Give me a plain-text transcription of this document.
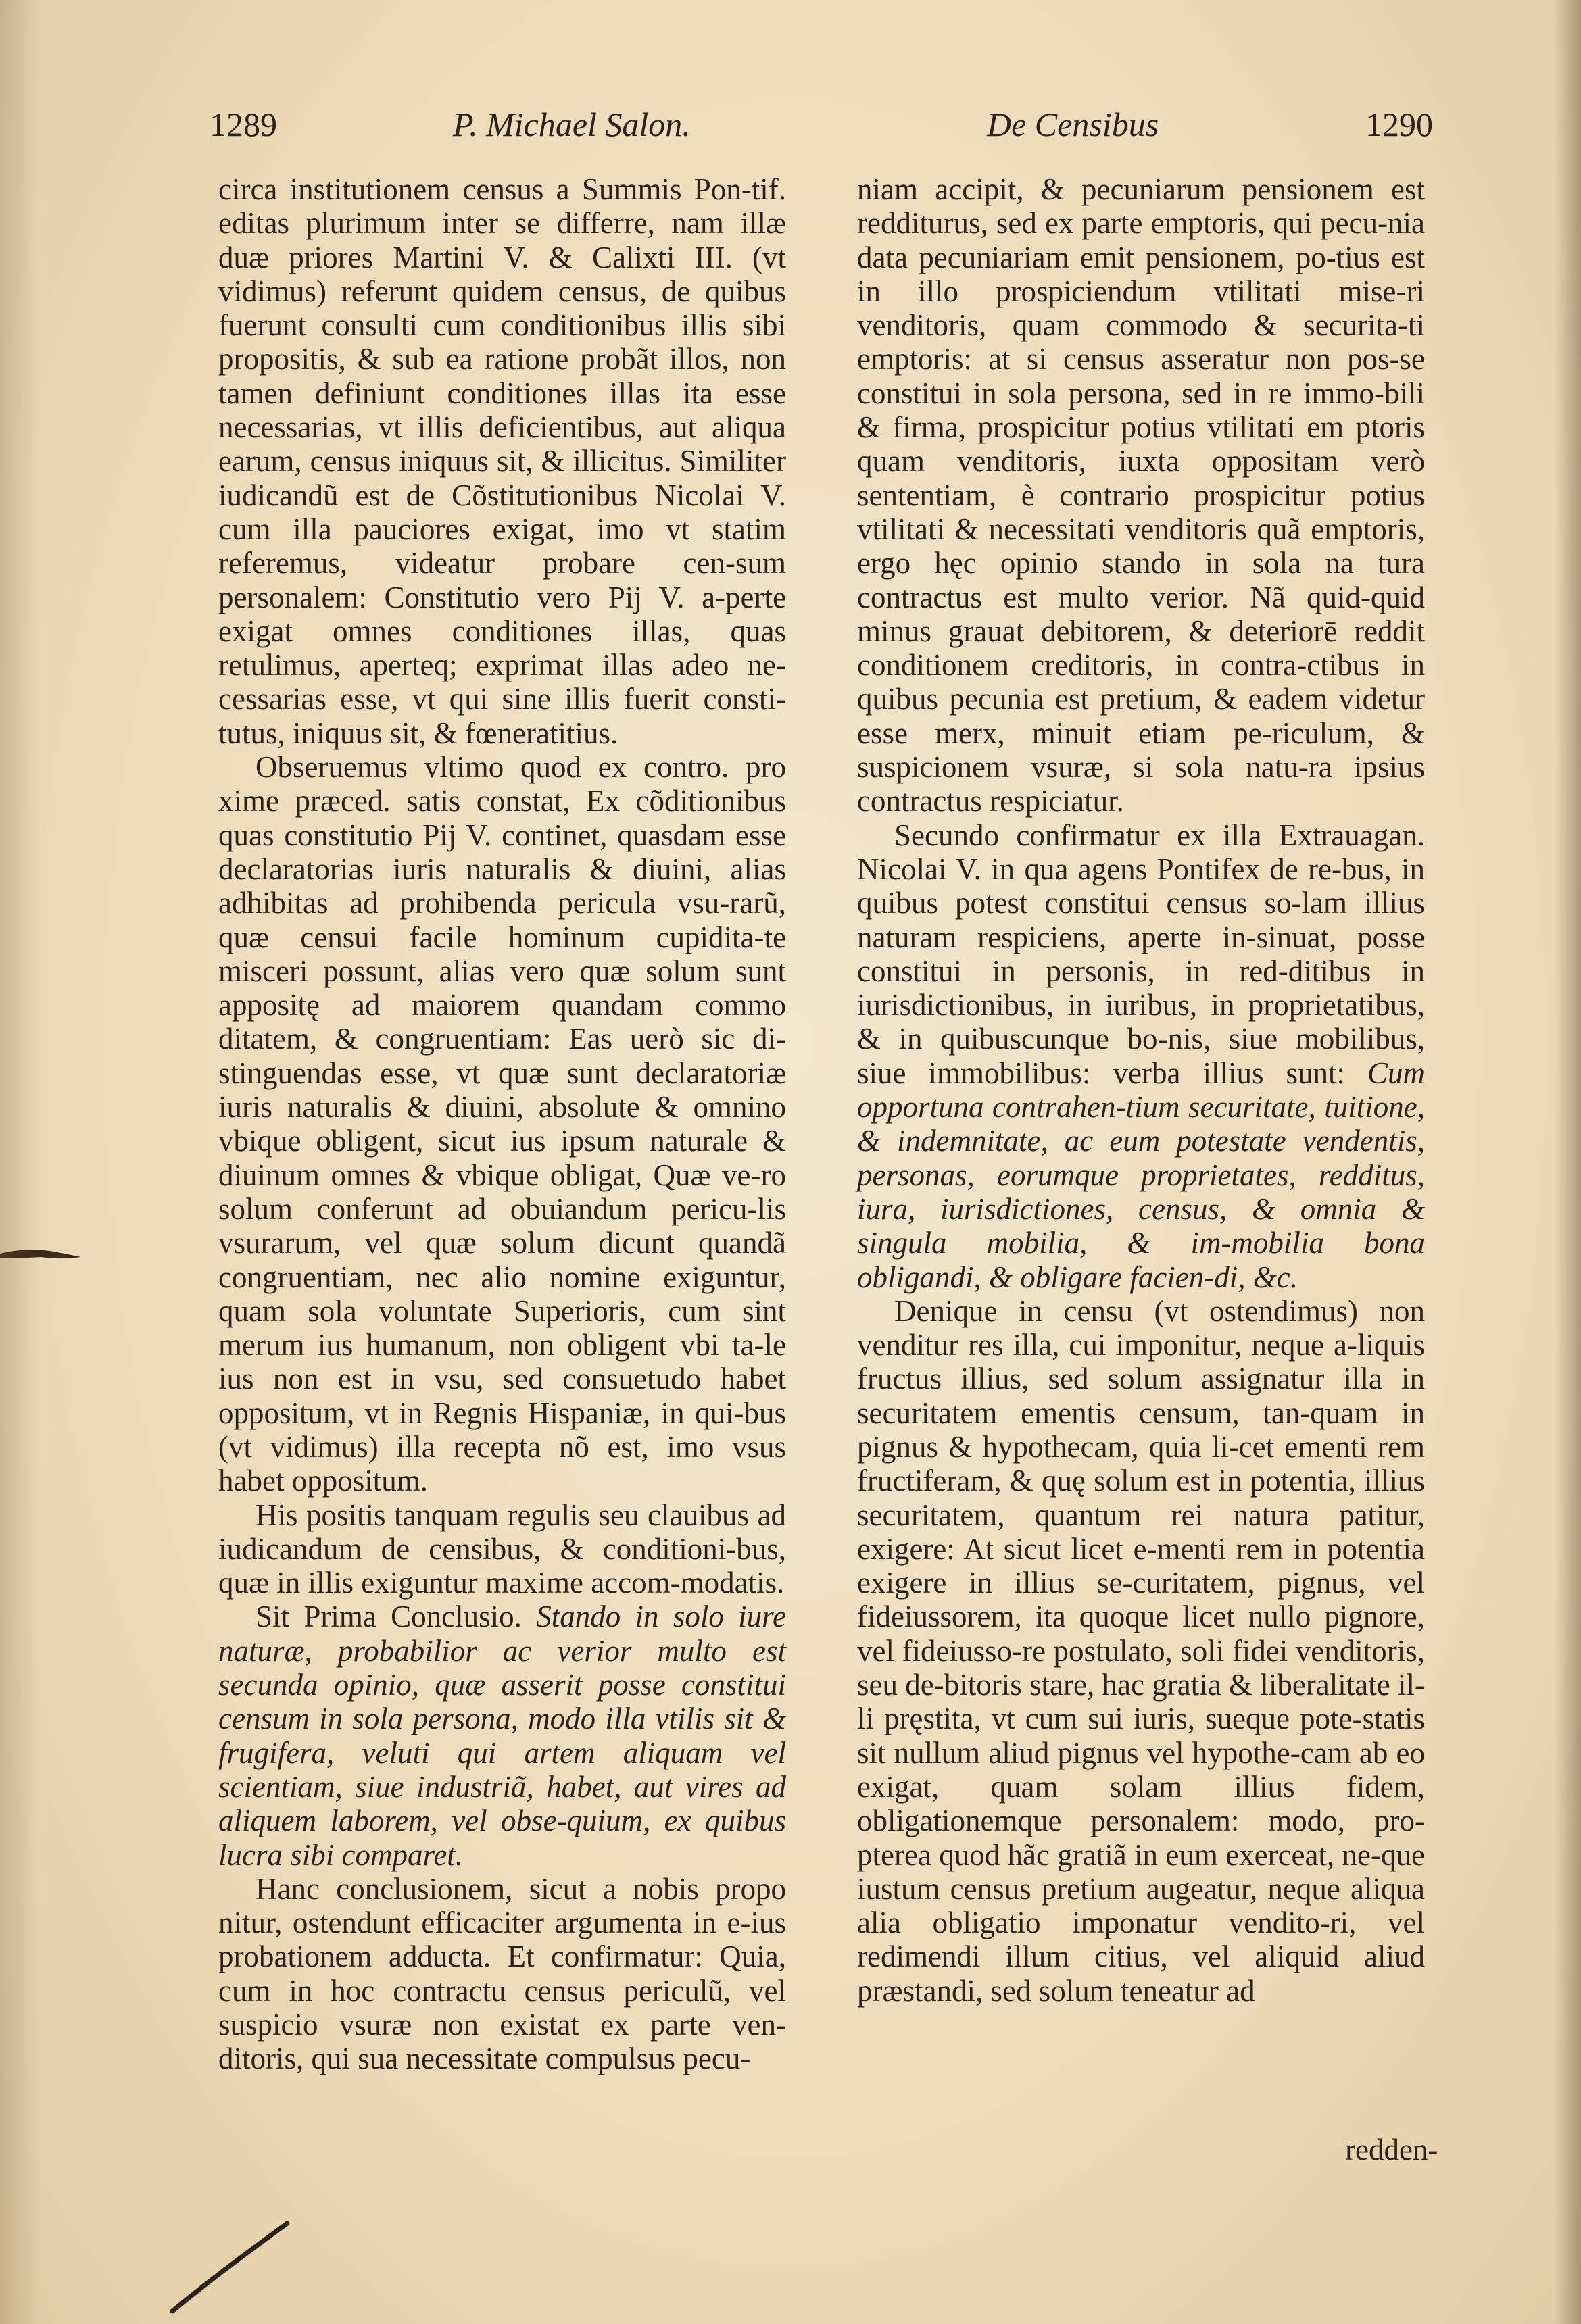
1289	P. Michael Salon.	De Censibus	1290

circa institutionem census a Summis Pon-tif. editas plurimum inter se differre, nam illæ duæ priores Martini V. & Calixti III. (vt vidimus) referunt quidem census, de quibus fuerunt consulti cum conditionibus illis sibi propositis, & sub ea ratione probãt illos, non tamen definiunt conditiones illas ita esse necessarias, vt illis deficientibus, aut aliqua earum, census iniquus sit, & illicitus. Similiter iudicandũ est de Cõstitutionibus Nicolai V. cum illa pauciores exigat, imo vt statim referemus, videatur probare cen-sum personalem: Constitutio vero Pij V. a-perte exigat omnes conditiones illas, quas retulimus, aperteq; exprimat illas adeo ne-cessarias esse, vt qui sine illis fuerit consti-tutus, iniquus sit, & fœneratitius.

Obseruemus vltimo quod ex contro. pro xime præced. satis constat, Ex cõditionibus quas constitutio Pij V. continet, quasdam esse declaratorias iuris naturalis & diuini, alias adhibitas ad prohibenda pericula vsu-rarũ, quæ censui facile hominum cupidita-te misceri possunt, alias vero quæ solum sunt appositę ad maiorem quandam commo ditatem, & congruentiam: Eas uerò sic di-stinguendas esse, vt quæ sunt declaratoriæ iuris naturalis & diuini, absolute & omnino vbique obligent, sicut ius ipsum naturale & diuinum omnes & vbique obligat, Quæ ve-ro solum conferunt ad obuiandum pericu-lis vsurarum, vel quæ solum dicunt quandã congruentiam, nec alio nomine exiguntur, quam sola voluntate Superioris, cum sint merum ius humanum, non obligent vbi ta-le ius non est in vsu, sed consuetudo habet oppositum, vt in Regnis Hispaniæ, in qui-bus (vt vidimus) illa recepta nõ est, imo vsus habet oppositum.

His positis tanquam regulis seu clauibus ad iudicandum de censibus, & conditioni-bus, quæ in illis exiguntur maxime accom-modatis.

Sit Prima Conclusio. Stando in solo iure naturæ, probabilior ac verior multo est secunda opinio, quæ asserit posse constitui censum in sola persona, modo illa vtilis sit & frugifera, veluti qui artem aliquam vel scientiam, siue industriã, habet, aut vires ad aliquem laborem, vel obse-quium, ex quibus lucra sibi comparet.

Hanc conclusionem, sicut a nobis propo nitur, ostendunt efficaciter argumenta in e-ius probationem adducta. Et confirmatur: Quia, cum in hoc contractu census periculũ, vel suspicio vsuræ non existat ex parte ven-ditoris, qui sua necessitate compulsus pecu-

niam accipit, & pecuniarum pensionem est redditurus, sed ex parte emptoris, qui pecu-nia data pecuniariam emit pensionem, po-tius est in illo prospiciendum vtilitati mise-ri venditoris, quam commodo & securita-ti emptoris: at si census asseratur non pos-se constitui in sola persona, sed in re immo-bili & firma, prospicitur potius vtilitati em ptoris quam venditoris, iuxta oppositam verò sententiam, è contrario prospicitur potius vtilitati & necessitati venditoris quã emptoris, ergo hęc opinio stando in sola na tura contractus est multo verior. Nã quid-quid minus grauat debitorem, & deteriorē reddit conditionem creditoris, in contra-ctibus in quibus pecunia est pretium, & eadem videtur esse merx, minuit etiam pe-riculum, & suspicionem vsuræ, si sola natu-ra ipsius contractus respiciatur.

Secundo confirmatur ex illa Extrauagan. Nicolai V. in qua agens Pontifex de re-bus, in quibus potest constitui census so-lam illius naturam respiciens, aperte in-sinuat, posse constitui in personis, in red-ditibus in iurisdictionibus, in iuribus, in proprietatibus, & in quibuscunque bo-nis, siue mobilibus, siue immobilibus: verba illius sunt: Cum opportuna contrahen-tium securitate, tuitione, & indemnitate, ac eum potestate vendentis, personas, eorumque proprietates, redditus, iura, iurisdictiones, census, & omnia & singula mobilia, & im-mobilia bona obligandi, & obligare facien-di, &c.

Denique in censu (vt ostendimus) non venditur res illa, cui imponitur, neque a-liquis fructus illius, sed solum assignatur illa in securitatem ementis censum, tan-quam in pignus & hypothecam, quia li-cet ementi rem fructiferam, & quę solum est in potentia, illius securitatem, quantum rei natura patitur, exigere: At sicut licet e-menti rem in potentia exigere in illius se-curitatem, pignus, vel fideiussorem, ita quoque licet nullo pignore, vel fideiusso-re postulato, soli fidei venditoris, seu de-bitoris stare, hac gratia & liberalitate il-li pręstita, vt cum sui iuris, sueque pote-statis sit nullum aliud pignus vel hypothe-cam ab eo exigat, quam solam illius fidem, obligationemque personalem: modo, pro-pterea quod hãc gratiã in eum exerceat, ne-que iustum census pretium augeatur, neque aliqua alia obligatio imponatur vendito-ri, vel redimendi illum citius, vel aliquid aliud præstandi, sed solum teneatur ad

redden-
